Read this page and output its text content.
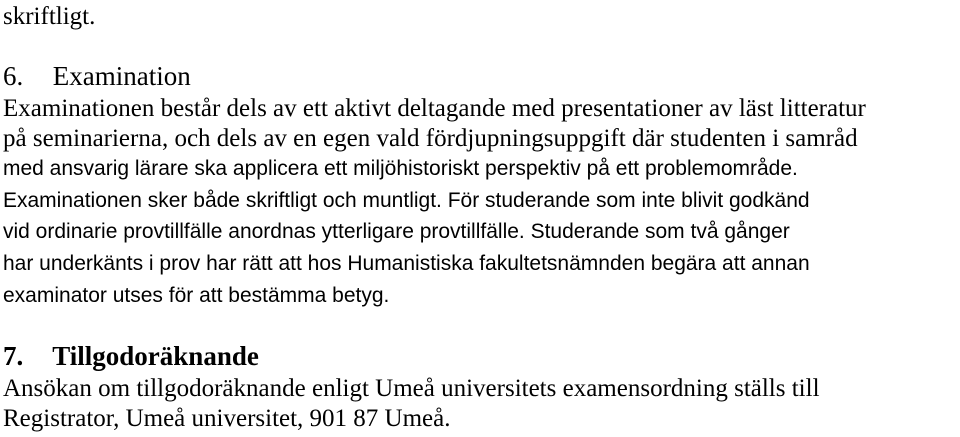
skriftligt.
6. Examination
Examinationen består dels av ett aktivt deltagande med presentationer av läst litteratur
på seminarierna, och dels av en egen vald fördjupningsuppgift där studenten i samråd
med ansvarig lärare ska applicera ett miljöhistoriskt perspektiv på ett problemområde.
Examinationen sker både skriftligt och muntligt. För studerande som inte blivit godkänd
vid ordinarie provtillfälle anordnas ytterligare provtillfälle. Studerande som två gånger
har underkänts i prov har rätt att hos Humanistiska fakultetsnämnden begära att annan
examinator utses för att bestämma betyg.
7. Tillgodoräknande
Ansökan om tillgodoräknande enligt Umeå universitets examensordning ställs till
Registrator, Umeå universitet, 901 87 Umeå.
